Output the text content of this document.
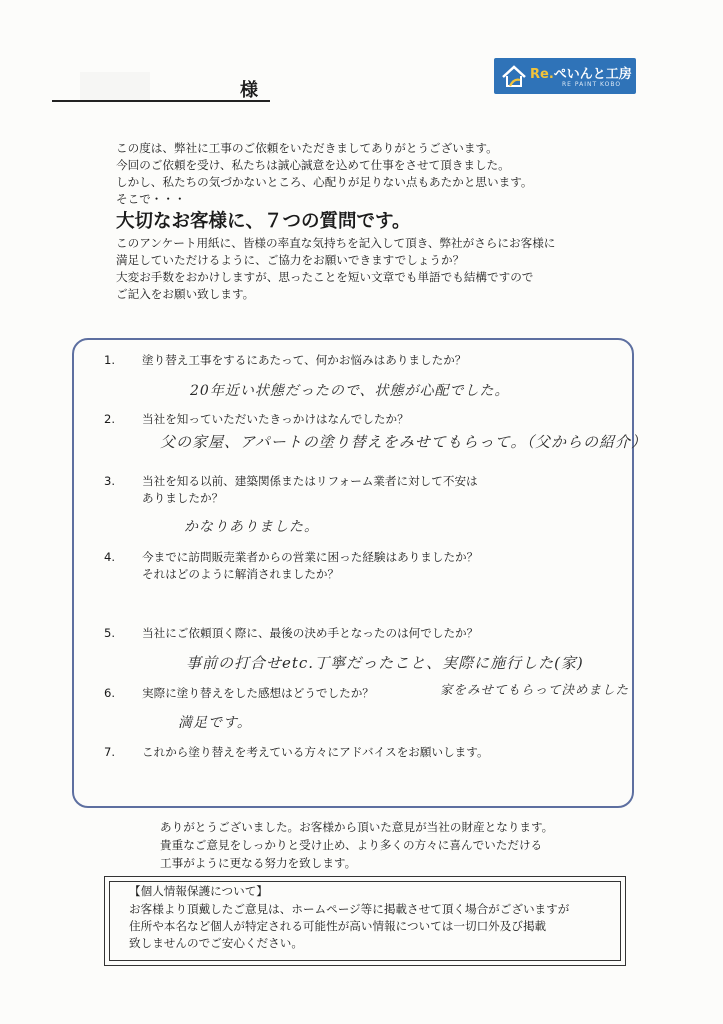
様
Re.ぺいんと工房
RE PAINT KOBO

この度は、弊社に工事のご依頼をいただきましてありがとうございます。

今回のご依頼を受け、私たちは誠心誠意を込めて仕事をさせて頂きました。

しかし、私たちの気づかないところ、心配りが足りない点もあたかと思います。

そこで・・・

大切なお客様に、７つの質問です。

このアンケート用紙に、皆様の率直な気持ちを記入して頂き、弊社がさらにお客様に

満足していただけるように、ご協力をお願いできますでしょうか？

大変お手数をおかけしますが、思ったことを短い文章でも単語でも結構ですので

ご記入をお願い致します。

1.	塗り替え工事をするにあたって、何かお悩みはありましたか？
20年近い状態だったので、状態が心配でした。
2.	当社を知っていただいたきっかけはなんでしたか？
父の家屋、アパートの塗り替えをみせてもらって。（父からの紹介）
3.	当社を知る以前、建築関係またはリフォーム業者に対して不安は
ありましたか？
かなりありました。
4.	今までに訪問販売業者からの営業に困った経験はありましたか？
それはどのように解消されましたか？
5.	当社にご依頼頂く際に、最後の決め手となったのは何でしたか？
事前の打合せetc.丁寧だったこと、実際に施行した(家)
家をみせてもらって決めました
6.	実際に塗り替えをした感想はどうでしたか？
満足です。
7.	これから塗り替えを考えている方々にアドバイスをお願いします。

ありがとうございました。お客様から頂いた意見が当社の財産となります。

貴重なご意見をしっかりと受け止め、より多くの方々に喜んでいただける

工事がように更なる努力を致します。

【個人情報保護について】

お客様より頂戴したご意見は、ホームページ等に掲載させて頂く場合がございますが

住所や本名など個人が特定される可能性が高い情報については一切口外及び掲載

致しませんのでご安心ください。
